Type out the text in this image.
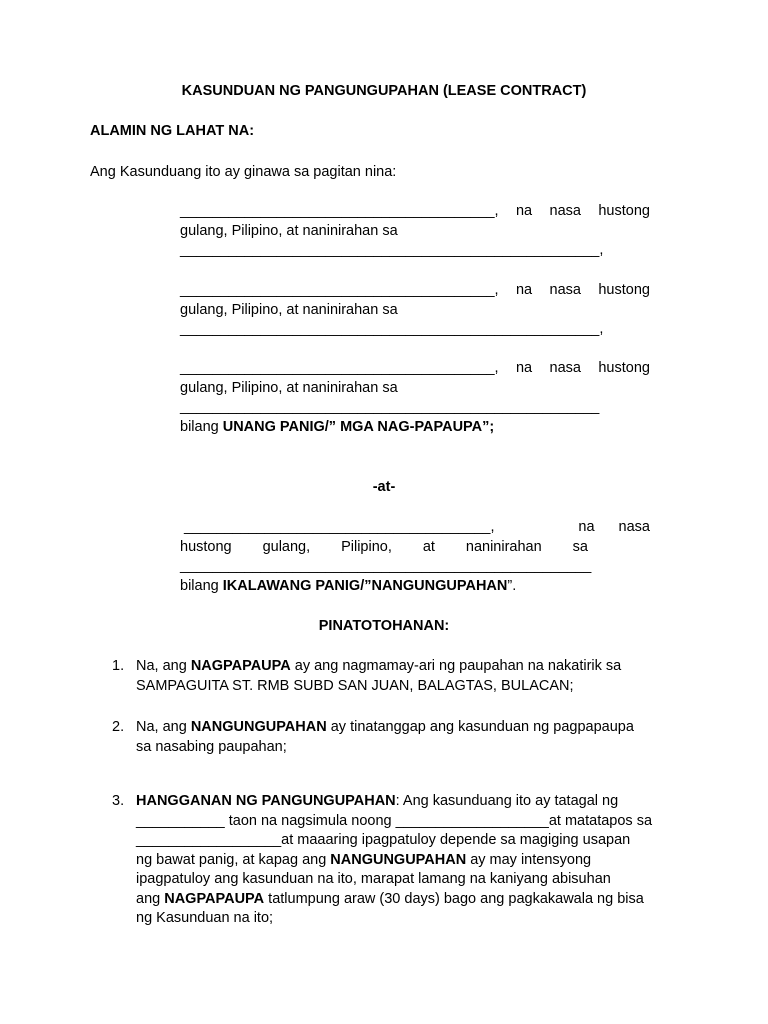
KASUNDUAN NG PANGUNGUPAHAN (LEASE CONTRACT)
ALAMIN NG LAHAT NA:
Ang Kasunduang ito ay ginawa sa pagitan nina:
_______________________________________, na nasa hustong
gulang, Pilipino, at naninirahan sa
____________________________________________________,
_______________________________________, na nasa hustong
gulang, Pilipino, at naninirahan sa
____________________________________________________,
_______________________________________, na nasa hustong
gulang, Pilipino, at naninirahan sa
____________________________________________________
bilang UNANG PANIG/” MGA NAG-PAPAUPA”;
-at-
______________________________________,	na nasa
hustong gulang, Pilipino, at naninirahan sa
___________________________________________________
bilang IKALAWANG PANIG/”NANGUNGUPAHAN”.
PINATOTOHANAN:
1. Na, ang NAGPAPAUPA ay ang nagmamay-ari ng paupahan na nakatirik sa
SAMPAGUITA ST. RMB SUBD SAN JUAN, BALAGTAS, BULACAN;
2. Na, ang NANGUNGUPAHAN ay tinatanggap ang kasunduan ng pagpapaupa
sa nasabing paupahan;
3. HANGGANAN NG PANGUNGUPAHAN: Ang kasunduang ito ay tatagal ng
___________ taon na nagsimula noong ___________________at matatapos sa
__________________at maaaring ipagpatuloy depende sa magiging usapan
ng bawat panig, at kapag ang NANGUNGUPAHAN ay may intensyong
ipagpatuloy ang kasunduan na ito, marapat lamang na kaniyang abisuhan
ang NAGPAPAUPA tatlumpung araw (30 days) bago ang pagkakawala ng bisa
ng Kasunduan na ito;
